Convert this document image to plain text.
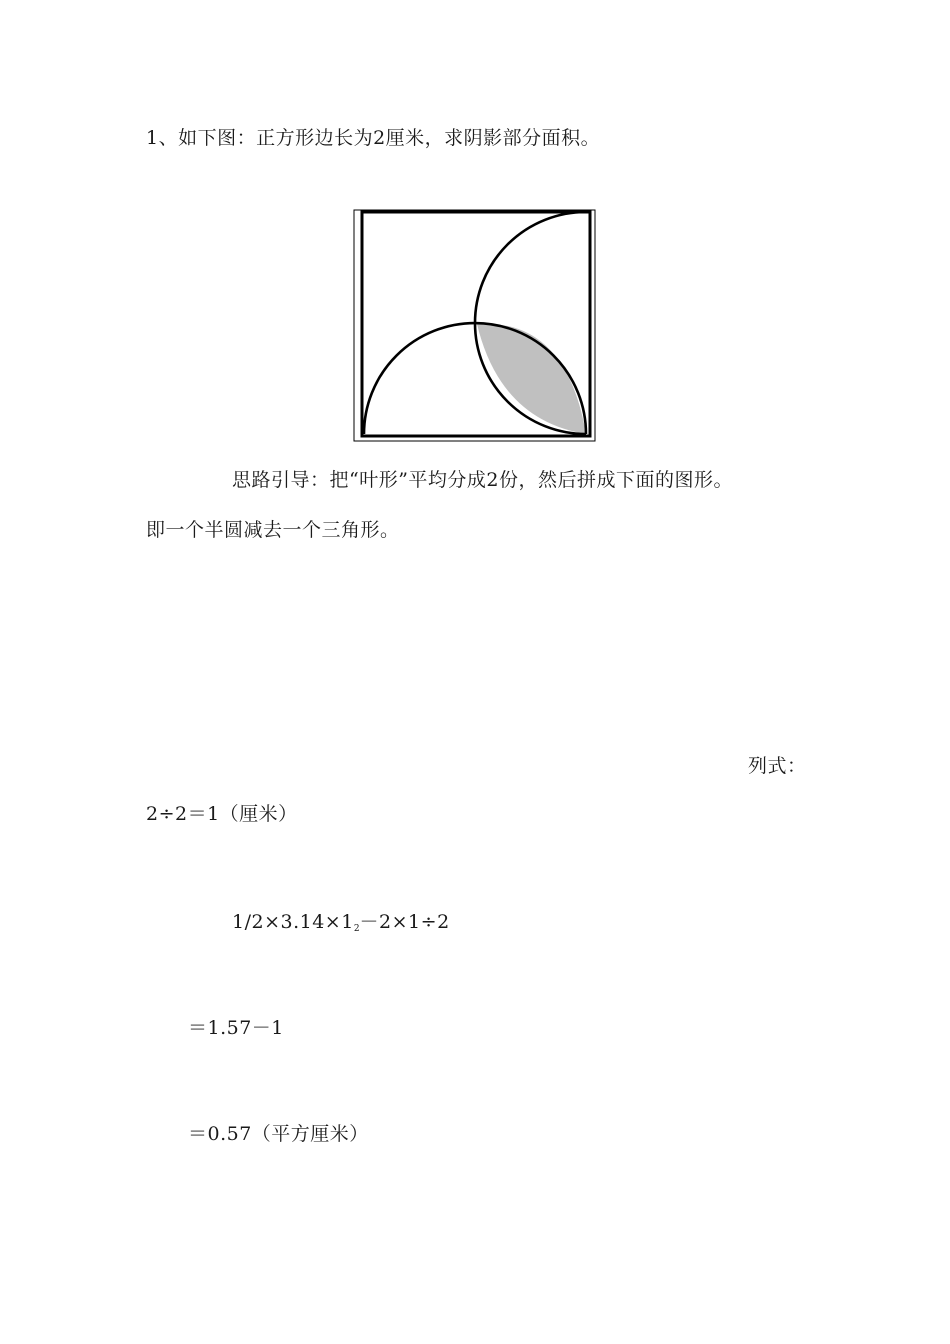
1、如下图：正方形边长为2厘米，求阴影部分面积。
思路引导：把“叶形”平均分成2份，然后拼成下面的图形。
即一个半圆减去一个三角形。
列式：
2÷2＝1（厘米）
$1/2\times 3.14\times 1_2-2\times 1\div 2$
＝1.57－1
＝0.57（平方厘米）
